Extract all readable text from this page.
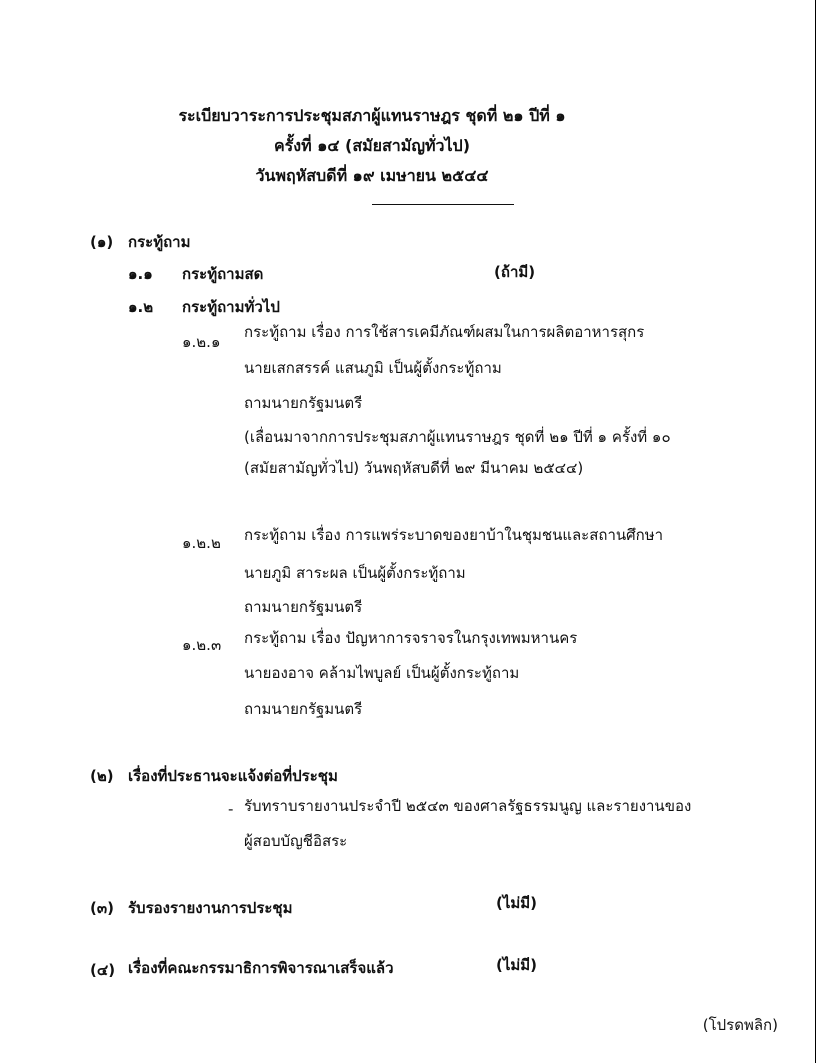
ระเบียบวาระการประชุมสภาผู้แทนราษฎร ชุดที่ ๒๑ ปีที่ ๑
ครั้งที่ ๑๔ (สมัยสามัญทั่วไป)
วันพฤหัสบดีที่ ๑๙ เมษายน ๒๕๔๔
(๑) กระทู้ถาม
๑.๑ กระทู้ถามสด	(ถ้ามี)
๑.๒ กระทู้ถามทั่วไป
๑.๒.๑
กระทู้ถาม เรื่อง การใช้สารเคมีภัณฑ์ผสมในการผลิตอาหารสุกร
นายเสกสรรค์ แสนภูมิ เป็นผู้ตั้งกระทู้ถาม
ถามนายกรัฐมนตรี
(เลื่อนมาจากการประชุมสภาผู้แทนราษฎร ชุดที่ ๒๑ ปีที่ ๑ ครั้งที่ ๑๐
(สมัยสามัญทั่วไป) วันพฤหัสบดีที่ ๒๙ มีนาคม ๒๕๔๔)
๑.๒.๒ กระทู้ถาม เรื่อง การแพร่ระบาดของยาบ้าในชุมชนและสถานศึกษา
นายภูมิ สาระผล เป็นผู้ตั้งกระทู้ถาม
ถามนายกรัฐมนตรี
๑.๒.๓ กระทู้ถาม เรื่อง ปัญหาการจราจรในกรุงเทพมหานคร
นายองอาจ คล้ามไพบูลย์ เป็นผู้ตั้งกระทู้ถาม
ถามนายกรัฐมนตรี
(๒) เรื่องที่ประธานจะแจ้งต่อที่ประชุม
- รับทราบรายงานประจำปี ๒๕๔๓ ของศาลรัฐธรรมนูญ และรายงานของ
ผู้สอบบัญชีอิสระ
(๓) รับรองรายงานการประชุม	(ไม่มี)
(๔) เรื่องที่คณะกรรมาธิการพิจารณาเสร็จแล้ว	(ไม่มี)
(โปรดพลิก)
